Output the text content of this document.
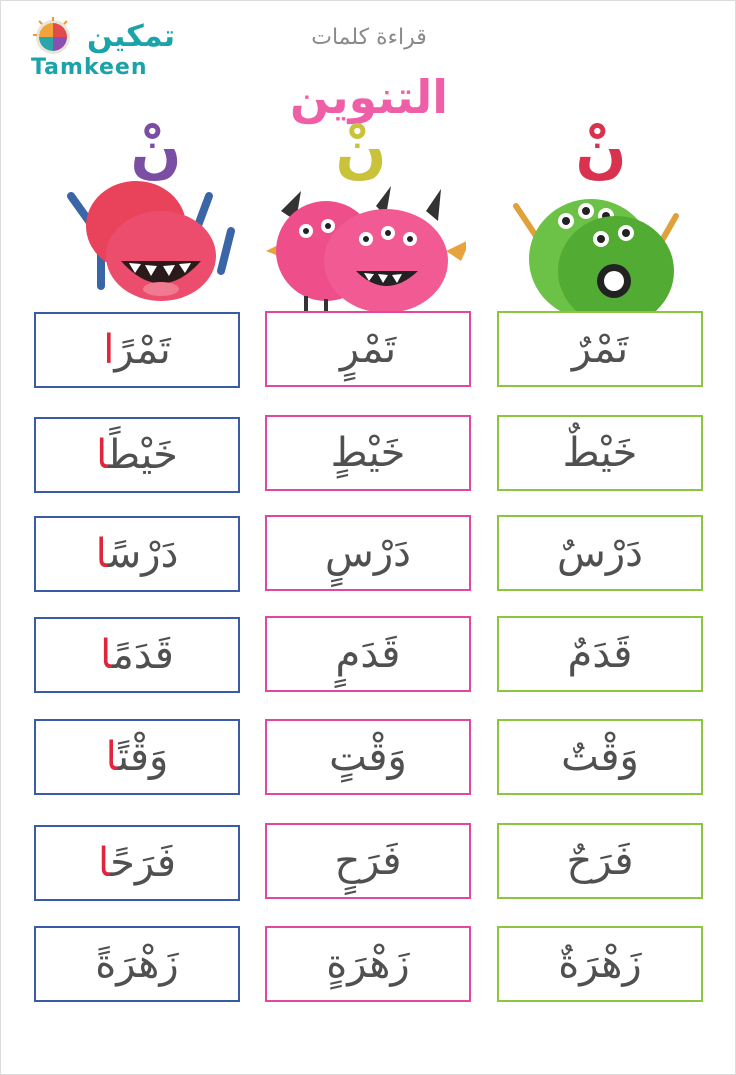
تمكين
Tamkeen
قراءة كلمات
التنوين
نْ
نْ
نْ
تَمْرٌ
خَيْطٌ
دَرْسٌ
قَدَمٌ
وَقْتٌ
فَرَحٌ
زَهْرَةٌ
تَمْرٍ
خَيْطٍ
دَرْسٍ
قَدَمٍ
وَقْتٍ
فَرَحٍ
زَهْرَةٍ
تَمْرًا
خَيْطًا
دَرْسًا
قَدَمًا
وَقْتًا
فَرَحًا
زَهْرَةً
